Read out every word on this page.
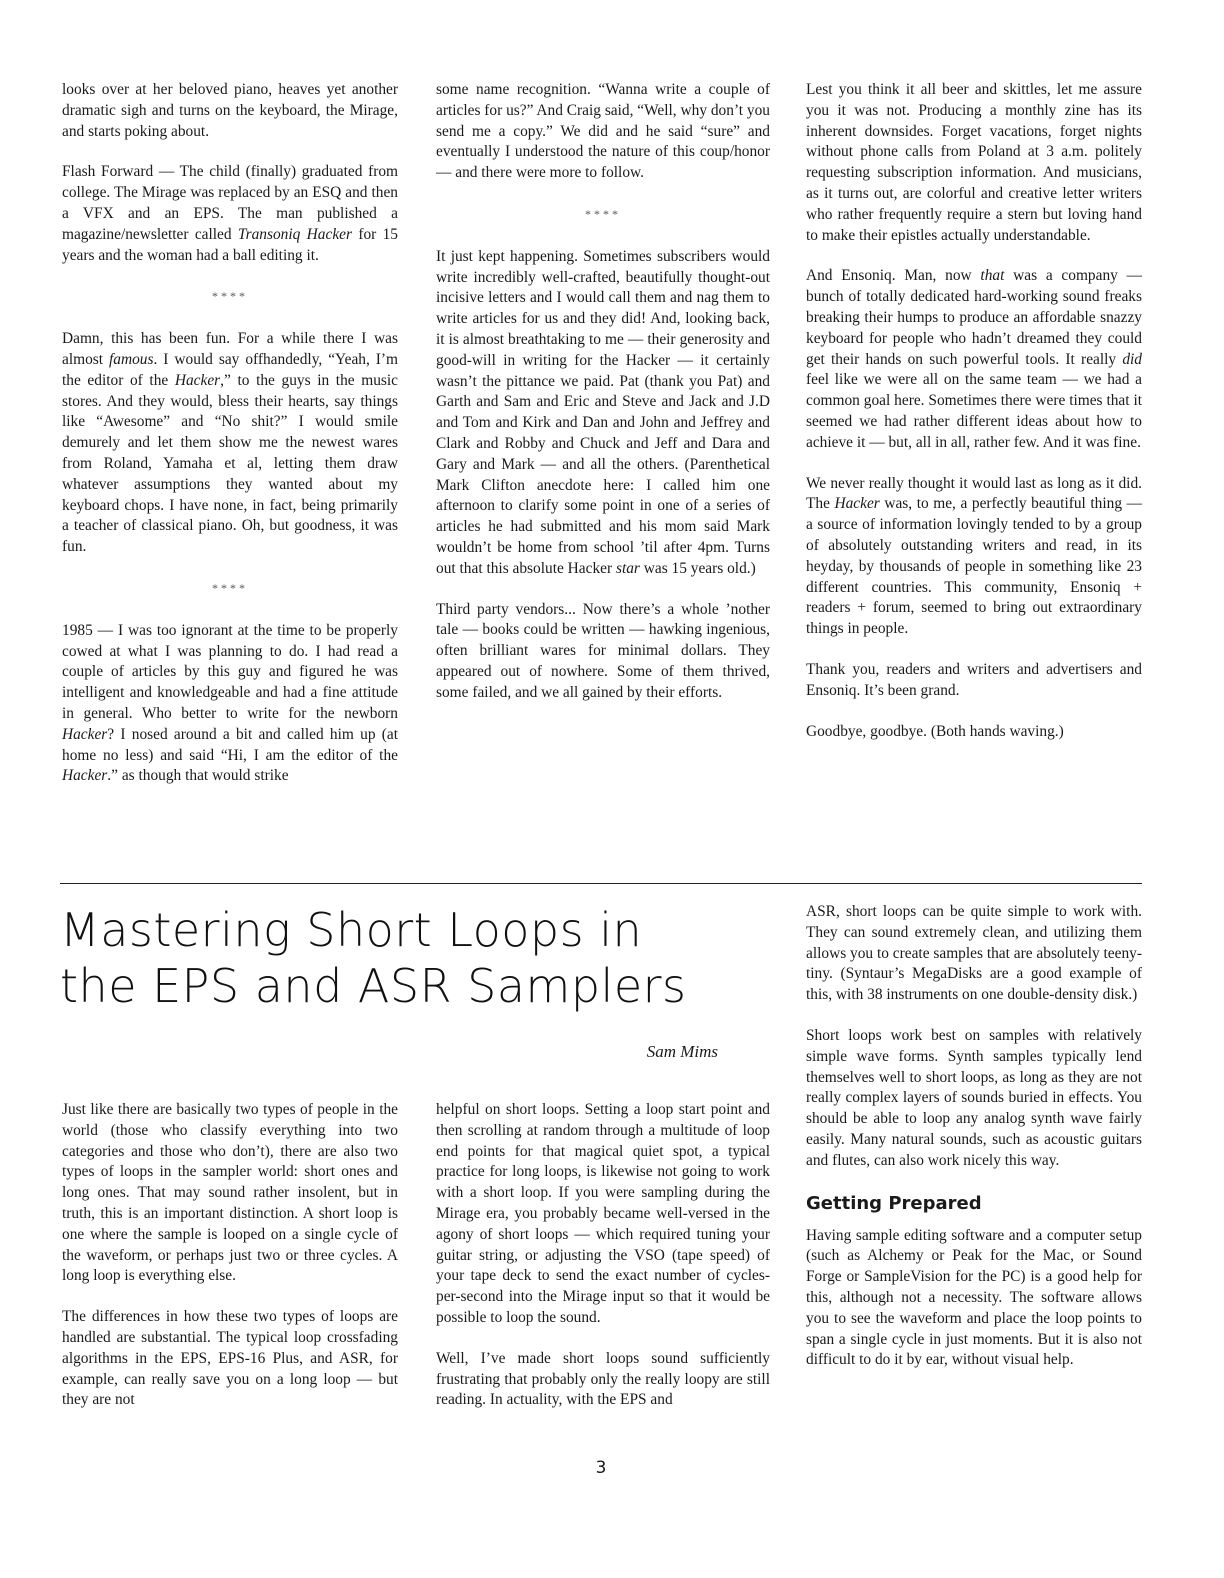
looks over at her beloved piano, heaves yet another dramatic sigh and turns on the keyboard, the Mirage, and starts poking about.

Flash Forward — The child (finally) graduated from college. The Mirage was replaced by an ESQ and then a VFX and an EPS. The man published a magazine/newsletter called Transoniq Hacker for 15 years and the woman had a ball editing it.

****

Damn, this has been fun. For a while there I was almost famous. I would say offhandedly, “Yeah, I’m the editor of the Hacker,” to the guys in the music stores. And they would, bless their hearts, say things like “Awesome” and “No shit?” I would smile demurely and let them show me the newest wares from Roland, Yamaha et al, letting them draw whatever assumptions they wanted about my keyboard chops. I have none, in fact, being primarily a teacher of classical piano. Oh, but goodness, it was fun.

****

1985 — I was too ignorant at the time to be properly cowed at what I was planning to do. I had read a couple of articles by this guy and figured he was intelligent and knowledgeable and had a fine attitude in general. Who better to write for the newborn Hacker? I nosed around a bit and called him up (at home no less) and said “Hi, I am the editor of the Hacker.” as though that would strike

some name recognition. “Wanna write a couple of articles for us?” And Craig said, “Well, why don’t you send me a copy.” We did and he said “sure” and eventually I understood the nature of this coup/honor — and there were more to follow.

****

It just kept happening. Sometimes subscribers would write incredibly well-crafted, beautifully thought-out incisive letters and I would call them and nag them to write articles for us and they did! And, looking back, it is almost breathtaking to me — their generosity and good-will in writing for the Hacker — it certainly wasn’t the pittance we paid. Pat (thank you Pat) and Garth and Sam and Eric and Steve and Jack and J.D and Tom and Kirk and Dan and John and Jeffrey and Clark and Robby and Chuck and Jeff and Dara and Gary and Mark — and all the others. (Parenthetical Mark Clifton anecdote here: I called him one afternoon to clarify some point in one of a series of articles he had submitted and his mom said Mark wouldn’t be home from school ’til after 4pm. Turns out that this absolute Hacker star was 15 years old.)

Third party vendors... Now there’s a whole ’nother tale — books could be written — hawking ingenious, often brilliant wares for minimal dollars. They appeared out of nowhere. Some of them thrived, some failed, and we all gained by their efforts.

Lest you think it all beer and skittles, let me assure you it was not. Producing a monthly zine has its inherent downsides. Forget vacations, forget nights without phone calls from Poland at 3 a.m. politely requesting subscription information. And musicians, as it turns out, are colorful and creative letter writers who rather frequently require a stern but loving hand to make their epistles actually understandable.

And Ensoniq. Man, now that was a company — bunch of totally dedicated hard-working sound freaks breaking their humps to produce an affordable snazzy keyboard for people who hadn’t dreamed they could get their hands on such powerful tools. It really did feel like we were all on the same team — we had a common goal here. Sometimes there were times that it seemed we had rather different ideas about how to achieve it — but, all in all, rather few. And it was fine.

We never really thought it would last as long as it did. The Hacker was, to me, a perfectly beautiful thing — a source of information lovingly tended to by a group of absolutely outstanding writers and read, in its heyday, by thousands of people in something like 23 different countries. This community, Ensoniq + readers + forum, seemed to bring out extraordinary things in people.

Thank you, readers and writers and advertisers and Ensoniq. It’s been grand.

Goodbye, goodbye. (Both hands waving.)

Mastering Short Loops in
the EPS and ASR Samplers
Sam Mims

Just like there are basically two types of people in the world (those who classify everything into two categories and those who don’t), there are also two types of loops in the sampler world: short ones and long ones. That may sound rather insolent, but in truth, this is an important distinction. A short loop is one where the sample is looped on a single cycle of the waveform, or perhaps just two or three cycles. A long loop is everything else.

The differences in how these two types of loops are handled are substantial. The typical loop crossfading algorithms in the EPS, EPS-16 Plus, and ASR, for example, can really save you on a long loop — but they are not

helpful on short loops. Setting a loop start point and then scrolling at random through a multitude of loop end points for that magical quiet spot, a typical practice for long loops, is likewise not going to work with a short loop. If you were sampling during the Mirage era, you probably became well-versed in the agony of short loops — which required tuning your guitar string, or adjusting the VSO (tape speed) of your tape deck to send the exact number of cycles-per-second into the Mirage input so that it would be possible to loop the sound.

Well, I’ve made short loops sound sufficiently frustrating that probably only the really loopy are still reading. In actuality, with the EPS and

ASR, short loops can be quite simple to work with. They can sound extremely clean, and utilizing them allows you to create samples that are absolutely teeny-tiny. (Syntaur’s MegaDisks are a good example of this, with 38 instruments on one double-density disk.)

Short loops work best on samples with relatively simple wave forms. Synth samples typically lend themselves well to short loops, as long as they are not really complex layers of sounds buried in effects. You should be able to loop any analog synth wave fairly easily. Many natural sounds, such as acoustic guitars and flutes, can also work nicely this way.

Getting Prepared

Having sample editing software and a computer setup (such as Alchemy or Peak for the Mac, or Sound Forge or SampleVision for the PC) is a good help for this, although not a necessity. The software allows you to see the waveform and place the loop points to span a single cycle in just moments. But it is also not difficult to do it by ear, without visual help.

3
